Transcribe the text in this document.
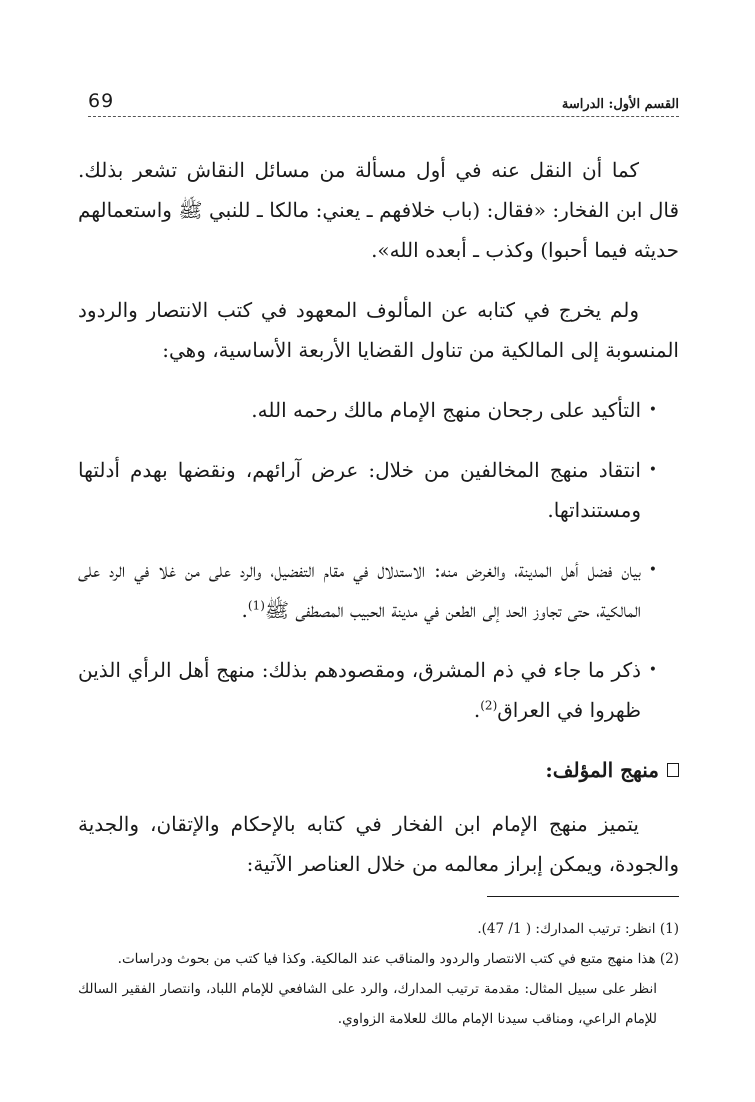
69	القسم الأول: الدراسة

كما أن النقل عنه في أول مسألة من مسائل النقاش تشعر بذلك. قال ابن الفخار: «فقال: (باب خلافهم ـ يعني: مالكا ـ للنبي ﷺ واستعمالهم حديثه فيما أحبوا) وكذب ـ أبعده الله».

ولم يخرج في كتابه عن المألوف المعهود في كتب الانتصار والردود المنسوبة إلى المالكية من تناول القضايا الأربعة الأساسية، وهي:

•
التأكيد على رجحان منهج الإمام مالك رحمه الله.
•
انتقاد منهج المخالفين من خلال: عرض آرائهم، ونقضها بهدم أدلتها ومستنداتها.
•
بيان فضل أهل المدينة، والغرض منه: الاستدلال في مقام التفضيل، والرد على من غلا في الرد على المالكية، حتى تجاوز الحد إلى الطعن في مدينة الحبيب المصطفى ﷺ$^{(1)}$.
•
ذكر ما جاء في ذم المشرق، ومقصودهم بذلك: منهج أهل الرأي الذين ظهروا في العراق$^{(2)}$.
منهج المؤلف:

يتميز منهج الإمام ابن الفخار في كتابه بالإحكام والإتقان، والجدية والجودة، ويمكن إبراز معالمه من خلال العناصر الآتية:

(1) انظر: ترتيب المدارك: ( 1/ 47).

(2) هذا منهج متبع في كتب الانتصار والردود والمناقب عند المالكية. وكذا فيا كتب من بحوث ودراسات.

انظر على سبيل المثال: مقدمة ترتيب المدارك، والرد على الشافعي للإمام اللباد، وانتصار الفقير السالك للإمام الراعي، ومناقب سيدنا الإمام مالك للعلامة الزواوي.
